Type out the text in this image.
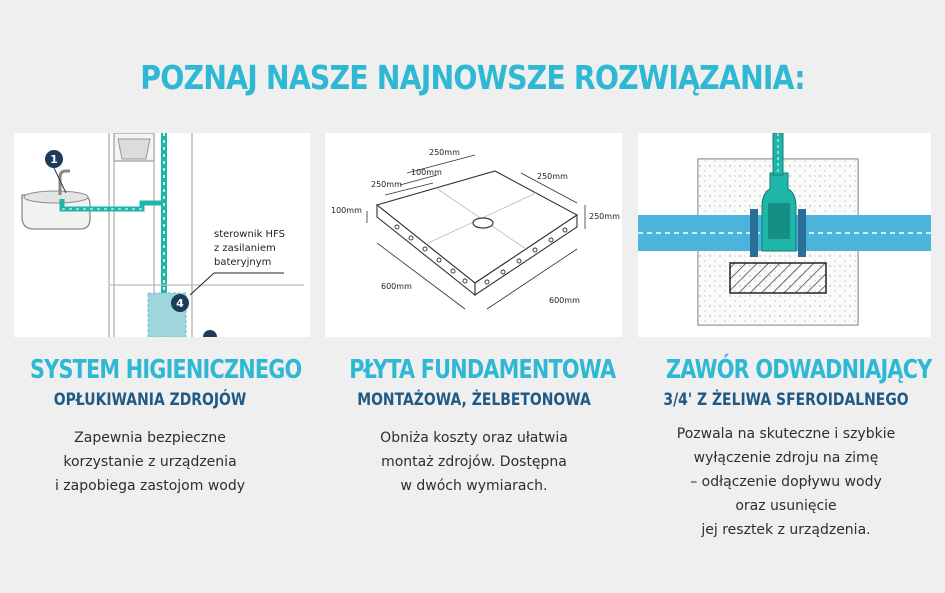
POZNAJ NASZE NAJNOWSZE ROZWIĄZANIA:
1
4
sterownik HFS z zasilaniem bateryjnym
250mm
100mm
250mm
250mm
250mm
100mm
600mm
600mm
SYSTEM HIGIENICZNEGO
OPŁUKIWANIA ZDROJÓW
Zapewnia bezpieczne
korzystanie z urządzenia
i zapobiega zastojom wody
PŁYTA FUNDAMENTOWA
MONTAŻOWA, ŻELBETONOWA
Obniża koszty oraz ułatwia
montaż zdrojów. Dostępna
w dwóch wymiarach.
ZAWÓR ODWADNIAJĄCY
3/4' Z ŻELIWA SFEROIDALNEGO
Pozwala na skuteczne i szybkie
wyłączenie zdroju na zimę
– odłączenie dopływu wody
oraz usunięcie
jej resztek z urządzenia.
